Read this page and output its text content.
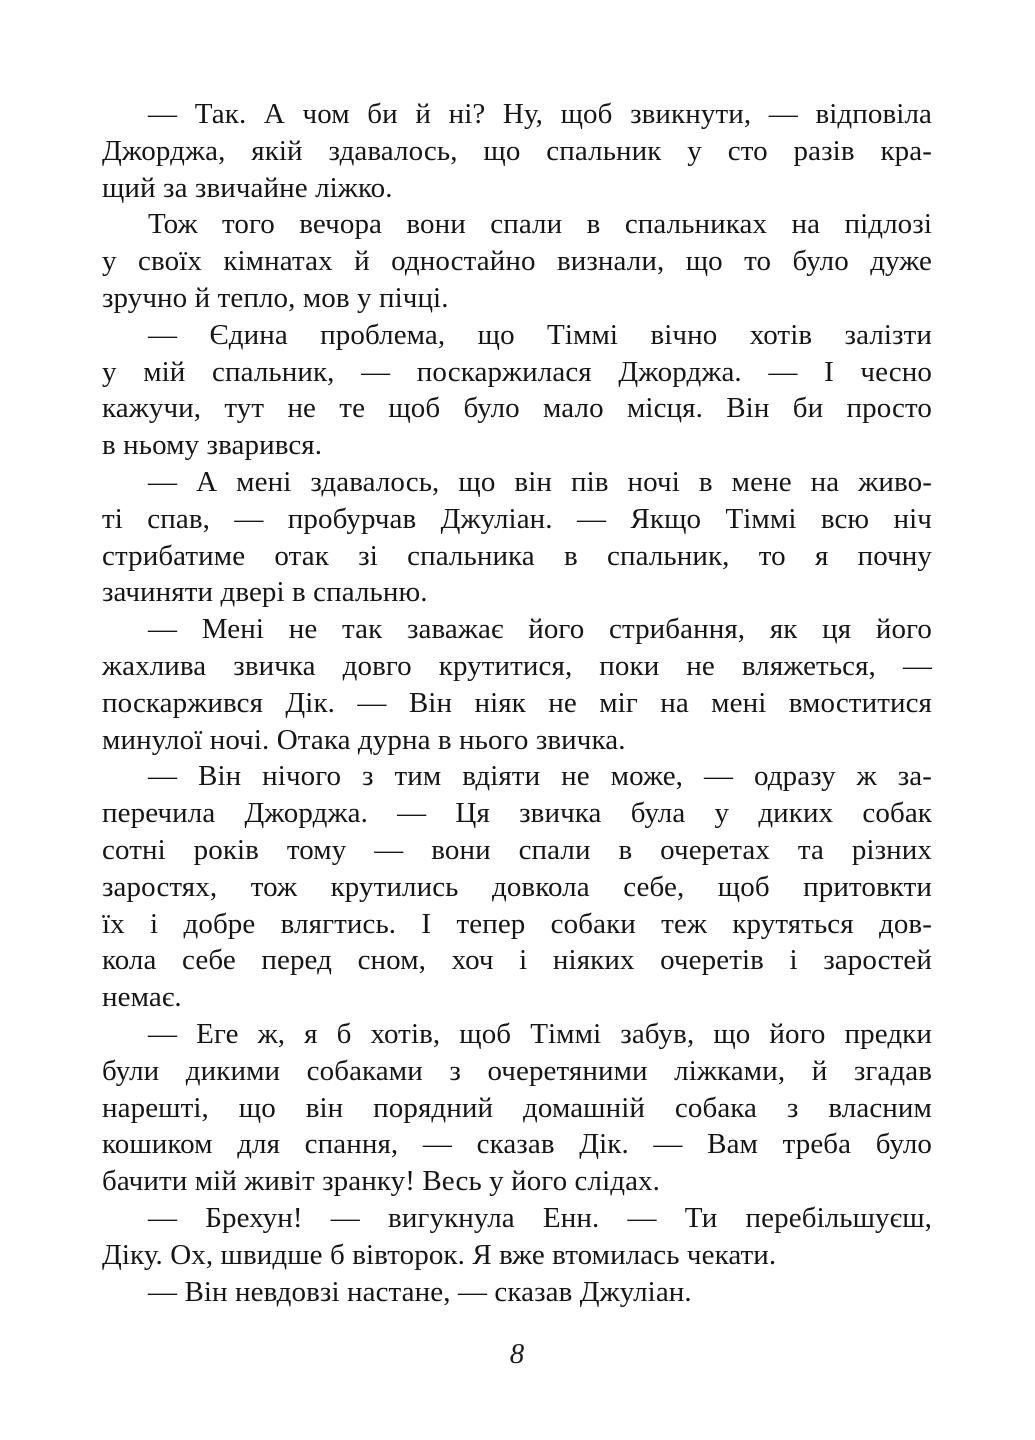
— Так. А чом би й ні? Ну, щоб звикнути, — відповіла
Джорджа, якій здавалось, що спальник у сто разів кра-
щий за звичайне ліжко.
Тож того вечора вони спали в спальниках на підлозі
у своїх кімнатах й одностайно визнали, що то було дуже
зручно й тепло, мов у пічці.
— Єдина проблема, що Тіммі вічно хотів залізти
у мій спальник, — поскаржилася Джорджа. — І чесно
кажучи, тут не те щоб було мало місця. Він би просто
в ньому зварився.
— А мені здавалось, що він пів ночі в мене на живо-
ті спав, — пробурчав Джуліан. — Якщо Тіммі всю ніч
стрибатиме отак зі спальника в спальник, то я почну
зачиняти двері в спальню.
— Мені не так заважає його стрибання, як ця його
жахлива звичка довго крутитися, поки не вляжеться, —
поскаржився Дік. — Він ніяк не міг на мені вмоститися
минулої ночі. Отака дурна в нього звичка.
— Він нічого з тим вдіяти не може, — одразу ж за-
перечила Джорджа. — Ця звичка була у диких собак
сотні років тому — вони спали в очеретах та різних
заростях, тож крутились довкола себе, щоб притовкти
їх і добре влягтись. І тепер собаки теж крутяться дов-
кола себе перед сном, хоч і ніяких очеретів і заростей
немає.
— Еге ж, я б хотів, щоб Тіммі забув, що його предки
були дикими собаками з очеретяними ліжками, й згадав
нарешті, що він порядний домашній собака з власним
кошиком для спання, — сказав Дік. — Вам треба було
бачити мій живіт зранку! Весь у його слідах.
— Брехун! — вигукнула Енн. — Ти перебільшуєш,
Діку. Ох, швидше б вівторок. Я вже втомилась чекати.
— Він невдовзі настане, — сказав Джуліан.
8
